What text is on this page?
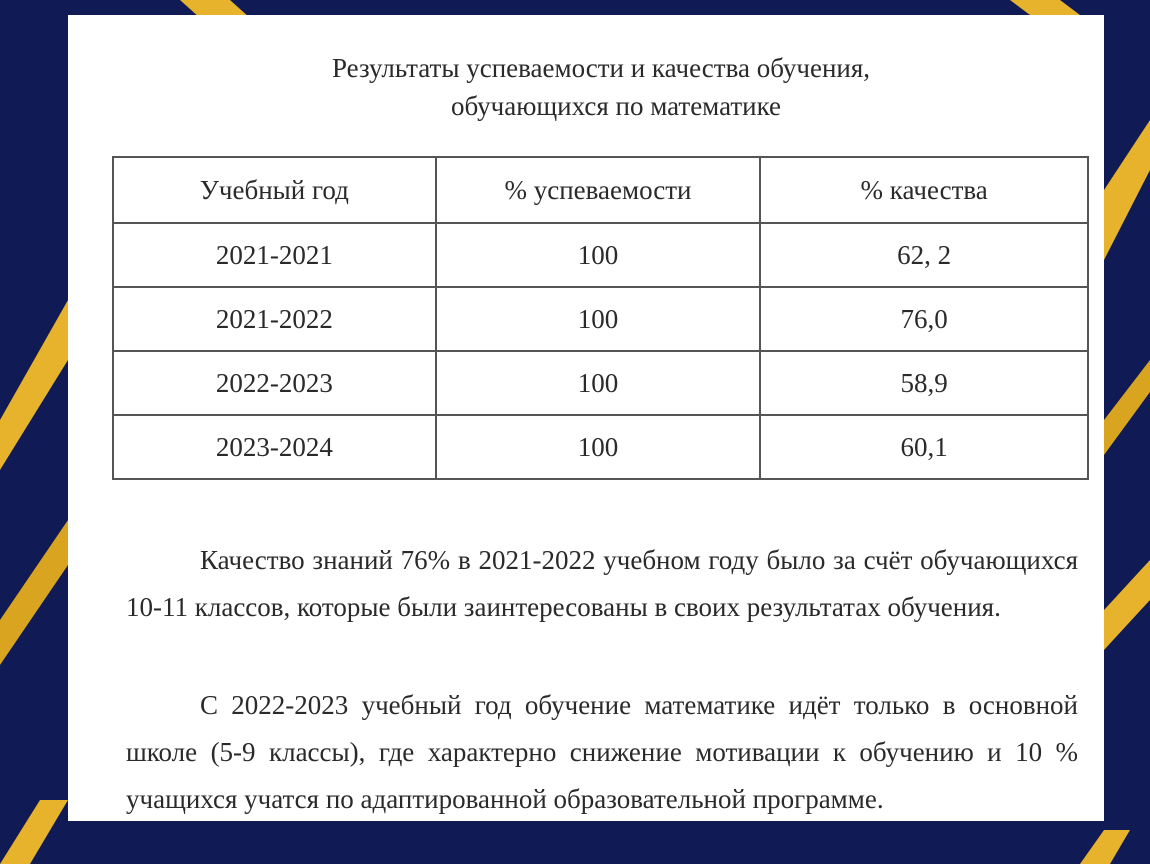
Результаты успеваемости и качества обучения,
обучающихся по математике
Учебный год	% успеваемости	% качества
2021-2021	100	62, 2
2021-2022	100	76,0
2022-2023	100	58,9
2023-2024	100	60,1
Качество знаний 76% в 2021-2022 учебном году было за счёт обучающихся 10-11 классов, которые были заинтересованы в своих результатах обучения.
С 2022-2023 учебный год обучение математике идёт только в основной школе (5-9 классы), где характерно снижение мотивации к обучению и 10 % учащихся учатся по адаптированной образовательной программе.
